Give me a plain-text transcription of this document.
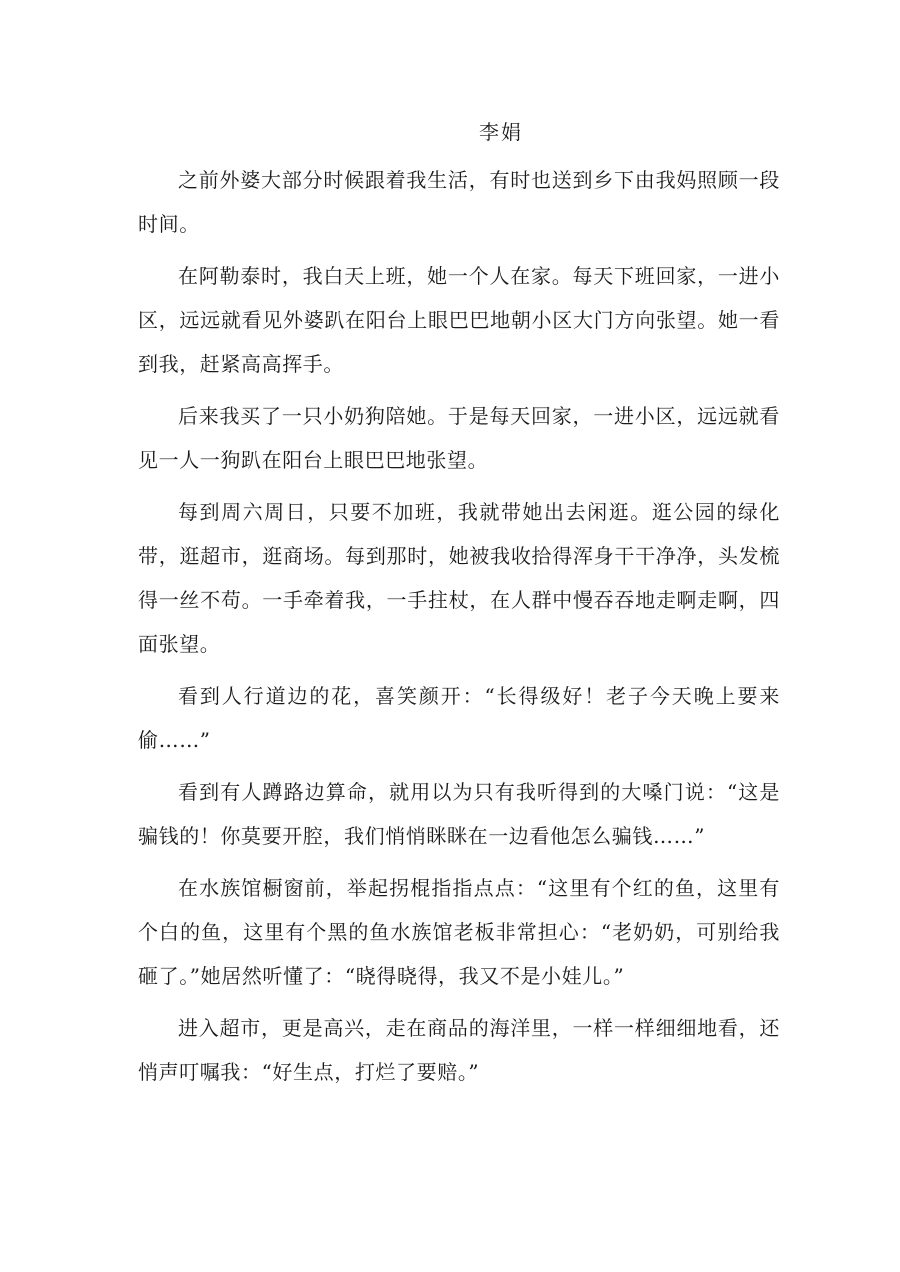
李娟

之前外婆大部分时候跟着我生活，有时也送到乡下由我妈照顾一段时间。

在阿勒泰时，我白天上班，她一个人在家。每天下班回家，一进小区，远远就看见外婆趴在阳台上眼巴巴地朝小区大门方向张望。她一看到我，赶紧高高挥手。

后来我买了一只小奶狗陪她。于是每天回家，一进小区，远远就看见一人一狗趴在阳台上眼巴巴地张望。

每到周六周日，只要不加班，我就带她出去闲逛。逛公园的绿化带，逛超市，逛商场。每到那时，她被我收拾得浑身干干净净，头发梳得一丝不苟。一手牵着我，一手拄杖，在人群中慢吞吞地走啊走啊，四面张望。

看到人行道边的花，喜笑颜开：“长得级好！老子今天晚上要来偷……”

看到有人蹲路边算命，就用以为只有我听得到的大嗓门说：“这是骗钱的！你莫要开腔，我们悄悄眯眯在一边看他怎么骗钱……”

在水族馆橱窗前，举起拐棍指指点点：“这里有个红的鱼，这里有个白的鱼，这里有个黑的鱼水族馆老板非常担心：“老奶奶，可别给我砸了。”她居然听懂了：“晓得晓得，我又不是小娃儿。”

进入超市，更是高兴，走在商品的海洋里，一样一样细细地看，还悄声叮嘱我：“好生点，打烂了要赔。”
